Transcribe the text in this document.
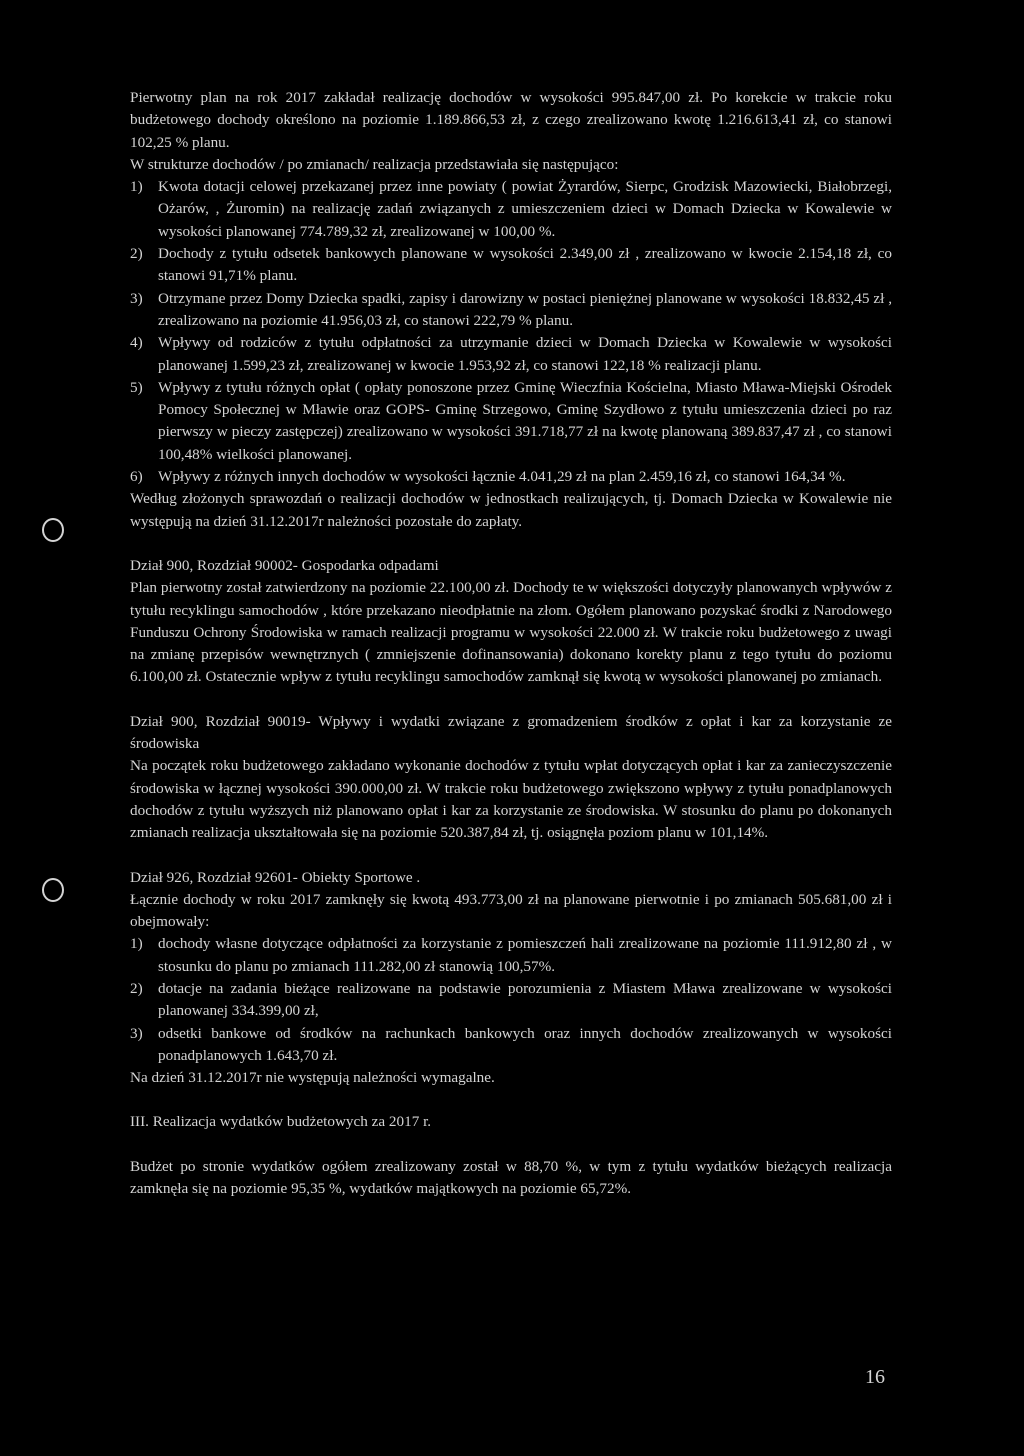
Pierwotny plan na rok 2017 zakładał realizację dochodów w wysokości 995.847,00 zł. Po korekcie w trakcie roku budżetowego dochody określono na poziomie 1.189.866,53 zł, z czego zrealizowano kwotę 1.216.613,41 zł, co stanowi 102,25 % planu.

W strukturze dochodów / po zmianach/ realizacja przedstawiała się następująco:

1) Kwota dotacji celowej przekazanej przez inne powiaty ( powiat Żyrardów, Sierpc, Grodzisk Mazowiecki, Białobrzegi, Ożarów, , Żuromin) na realizację zadań związanych z umieszczeniem dzieci w Domach Dziecka w Kowalewie w wysokości planowanej 774.789,32 zł, zrealizowanej w 100,00 %.
2) Dochody z tytułu odsetek bankowych planowane w wysokości 2.349,00 zł , zrealizowano w kwocie 2.154,18 zł, co stanowi 91,71% planu.
3) Otrzymane przez Domy Dziecka spadki, zapisy i darowizny w postaci pieniężnej planowane w wysokości 18.832,45 zł , zrealizowano na poziomie 41.956,03 zł, co stanowi 222,79 % planu.
4) Wpływy od rodziców z tytułu odpłatności za utrzymanie dzieci w Domach Dziecka w Kowalewie w wysokości planowanej 1.599,23 zł, zrealizowanej w kwocie 1.953,92 zł, co stanowi 122,18 % realizacji planu.
5) Wpływy z tytułu różnych opłat ( opłaty ponoszone przez Gminę Wieczfnia Kościelna, Miasto Mława-Miejski Ośrodek Pomocy Społecznej w Mławie oraz GOPS- Gminę Strzegowo, Gminę Szydłowo z tytułu umieszczenia dzieci po raz pierwszy w pieczy zastępczej) zrealizowano w wysokości 391.718,77 zł na kwotę planowaną 389.837,47 zł , co stanowi 100,48% wielkości planowanej.
6) Wpływy z różnych innych dochodów w wysokości łącznie 4.041,29 zł na plan 2.459,16 zł, co stanowi 164,34 %.

Według złożonych sprawozdań o realizacji dochodów w jednostkach realizujących, tj. Domach Dziecka w Kowalewie nie występują na dzień 31.12.2017r należności pozostałe do zapłaty.

Dział 900, Rozdział 90002- Gospodarka odpadami

Plan pierwotny został zatwierdzony na poziomie 22.100,00 zł. Dochody te w większości dotyczyły planowanych wpływów z tytułu recyklingu samochodów , które przekazano nieodpłatnie na złom. Ogółem planowano pozyskać środki z Narodowego Funduszu Ochrony Środowiska w ramach realizacji programu w wysokości 22.000 zł. W trakcie roku budżetowego z uwagi na zmianę przepisów wewnętrznych ( zmniejszenie dofinansowania) dokonano korekty planu z tego tytułu do poziomu 6.100,00 zł. Ostatecznie wpływ z tytułu recyklingu samochodów zamknął się kwotą w wysokości planowanej po zmianach.

Dział 900, Rozdział 90019- Wpływy i wydatki związane z gromadzeniem środków z opłat i kar za korzystanie ze środowiska

Na początek roku budżetowego zakładano wykonanie dochodów z tytułu wpłat dotyczących opłat i kar za zanieczyszczenie środowiska w łącznej wysokości 390.000,00 zł. W trakcie roku budżetowego zwiększono wpływy z tytułu ponadplanowych dochodów z tytułu wyższych niż planowano opłat i kar za korzystanie ze środowiska. W stosunku do planu po dokonanych zmianach realizacja ukształtowała się na poziomie 520.387,84 zł, tj. osiągnęła poziom planu w 101,14%.

Dział 926, Rozdział 92601- Obiekty Sportowe .

Łącznie dochody w roku 2017 zamknęły się kwotą 493.773,00 zł na planowane pierwotnie i po zmianach 505.681,00 zł i obejmowały:

1) dochody własne dotyczące odpłatności za korzystanie z pomieszczeń hali zrealizowane na poziomie 111.912,80 zł , w stosunku do planu po zmianach 111.282,00 zł stanowią 100,57%.
2) dotacje na zadania bieżące realizowane na podstawie porozumienia z Miastem Mława zrealizowane w wysokości planowanej 334.399,00 zł,
3) odsetki bankowe od środków na rachunkach bankowych oraz innych dochodów zrealizowanych w wysokości ponadplanowych 1.643,70 zł.

Na dzień 31.12.2017r nie występują należności wymagalne.

III. Realizacja wydatków budżetowych za 2017 r.

Budżet po stronie wydatków ogółem zrealizowany został w 88,70 %, w tym z tytułu wydatków bieżących realizacja zamknęła się na poziomie 95,35 %, wydatków majątkowych na poziomie 65,72%.

16
